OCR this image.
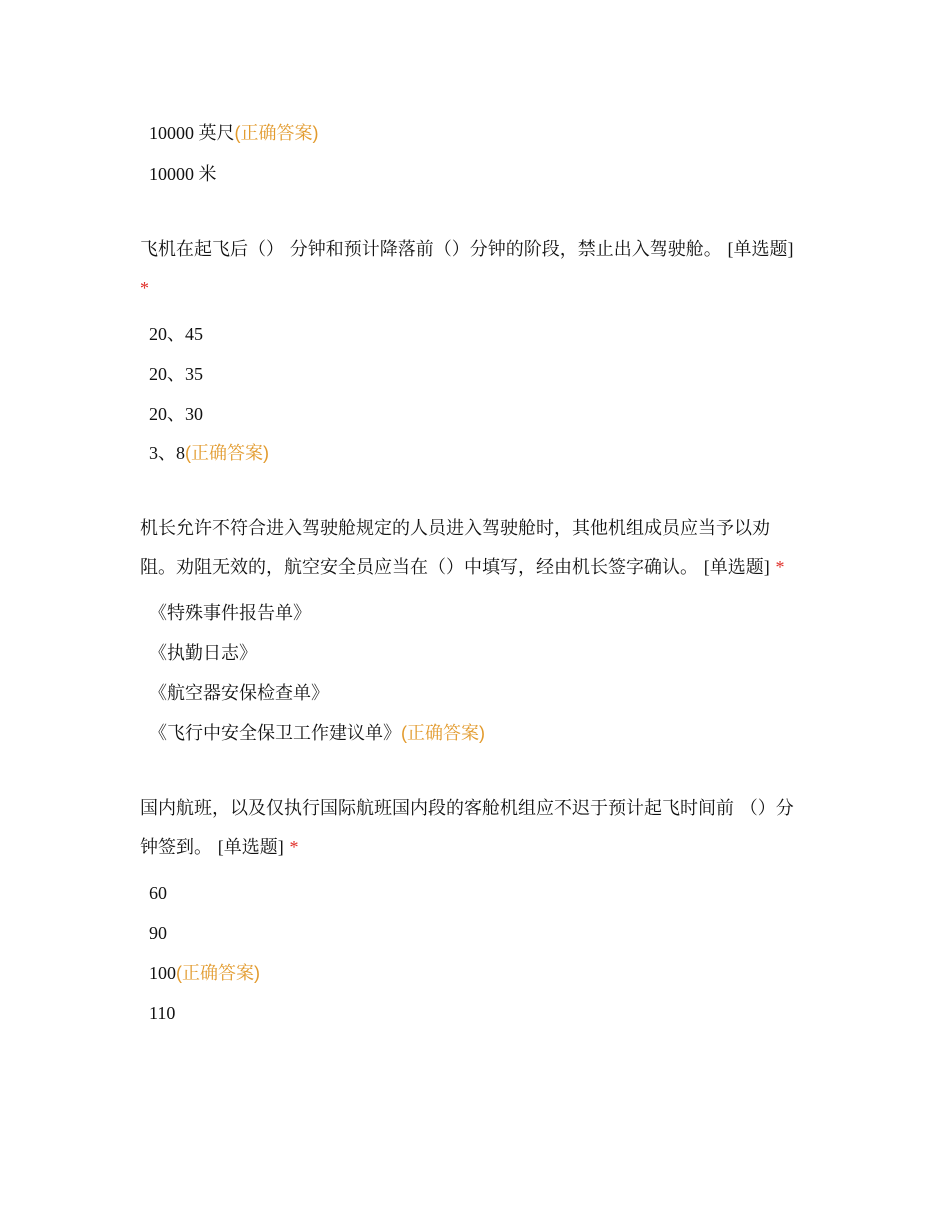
10000 英尺(正确答案)
10000 米
飞机在起飞后（） 分钟和预计降落前（）分钟的阶段，禁止出入驾驶舱。 [单选题] *
20、45
20、35
20、30
3、8(正确答案)
机长允许不符合进入驾驶舱规定的人员进入驾驶舱时，其他机组成员应当予以劝阻。劝阻无效的，航空安全员应当在（）中填写，经由机长签字确认。 [单选题] *
《特殊事件报告单》
《执勤日志》
《航空器安保检查单》
《飞行中安全保卫工作建议单》(正确答案)
国内航班，以及仅执行国际航班国内段的客舱机组应不迟于预计起飞时间前 （）分钟签到。 [单选题] *
60
90
100(正确答案)
110
